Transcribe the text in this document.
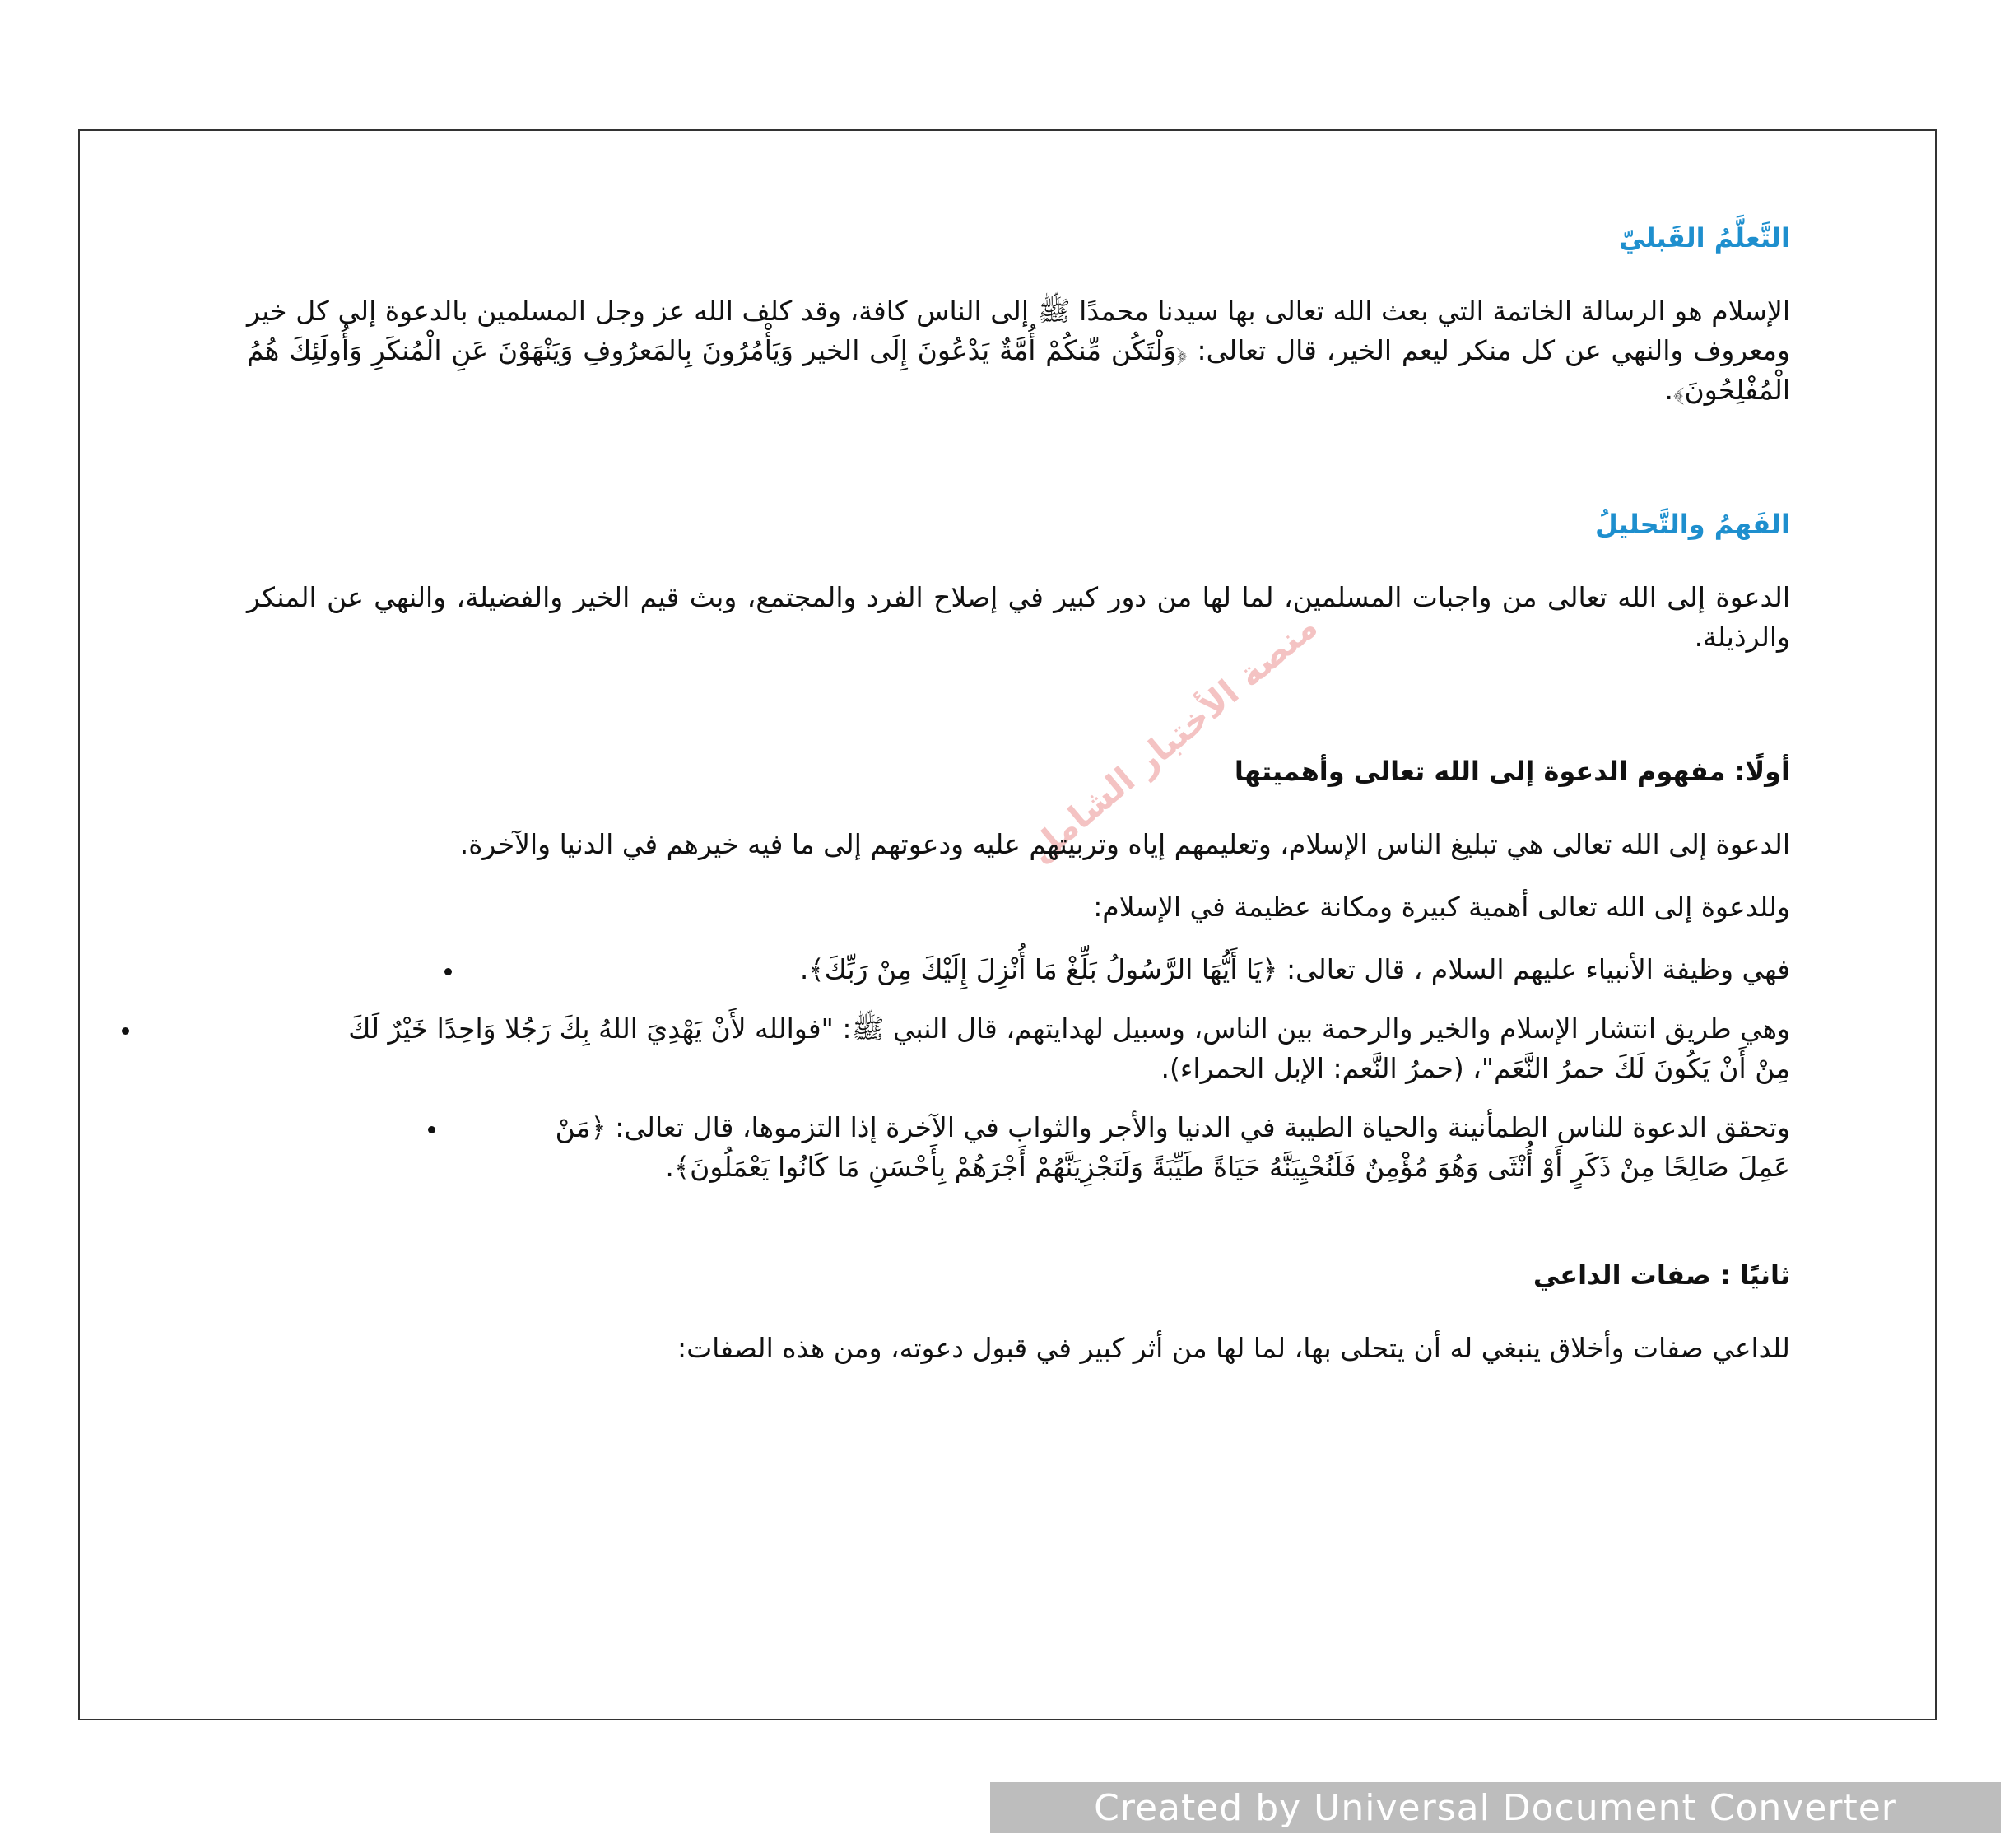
منصة الأختبار الشامل
التَّعلَّمُ القَبليّ

الإسلام هو الرسالة الخاتمة التي بعث الله تعالى بها سيدنا محمدًا ﷺ إلى الناس كافة، وقد كلف الله عز وجل المسلمين بالدعوة إلى كل خير ومعروف والنهي عن كل منكر ليعم الخير، قال تعالى: ﴿وَلْتَكُن مِّنكُمْ أُمَّةٌ يَدْعُونَ إِلَى الخير وَيَأْمُرُونَ بِالمَعرُوفِ وَيَنْهَوْنَ عَنِ الْمُنكَرِ وَأُولَئِكَ هُمُ الْمُفْلِحُونَ﴾.

الفَهمُ والتَّحليلُ

الدعوة إلى الله تعالى من واجبات المسلمين، لما لها من دور كبير في إصلاح الفرد والمجتمع، وبث قيم الخير والفضيلة، والنهي عن المنكر والرذيلة.

أولًا: مفهوم الدعوة إلى الله تعالى وأهميتها

الدعوة إلى الله تعالى هي تبليغ الناس الإسلام، وتعليمهم إياه وتربيتهم عليه ودعوتهم إلى ما فيه خيرهم في الدنيا والآخرة.

وللدعوة إلى الله تعالى أهمية كبيرة ومكانة عظيمة في الإسلام:

فهي وظيفة الأنبياء عليهم السلام ، قال تعالى: ﴿يَا أَيُّهَا الرَّسُولُ بَلِّغْ مَا أُنْزِلَ إِلَيْكَ مِنْ رَبِّكَ﴾.
وهي طريق انتشار الإسلام والخير والرحمة بين الناس، وسبيل لهدايتهم، قال النبي ﷺ: "فوالله لأَنْ يَهْدِيَ اللهُ بِكَ رَجُلا وَاحِدًا خَيْرٌ لَكَ مِنْ أَنْ يَكُونَ لَكَ حمرُ النَّعَم"، (حمرُ النَّعم: الإبل الحمراء).
وتحقق الدعوة للناس الطمأنينة والحياة الطيبة في الدنيا والأجر والثواب في الآخرة إذا التزموها، قال تعالى: ﴿مَنْ عَمِلَ صَالِحًا مِنْ ذَكَرٍ أَوْ أُنْثَى وَهُوَ مُؤْمِنٌ فَلَنُحْيِيَنَّهُ حَيَاةً طَيِّبَةً وَلَنَجْزِيَنَّهُمْ أَجْرَهُمْ بِأَحْسَنِ مَا كَانُوا يَعْمَلُونَ﴾.
ثانيًا : صفات الداعي

للداعي صفات وأخلاق ينبغي له أن يتحلى بها، لما لها من أثر كبير في قبول دعوته، ومن هذه الصفات:

Created by Universal Document Converter
